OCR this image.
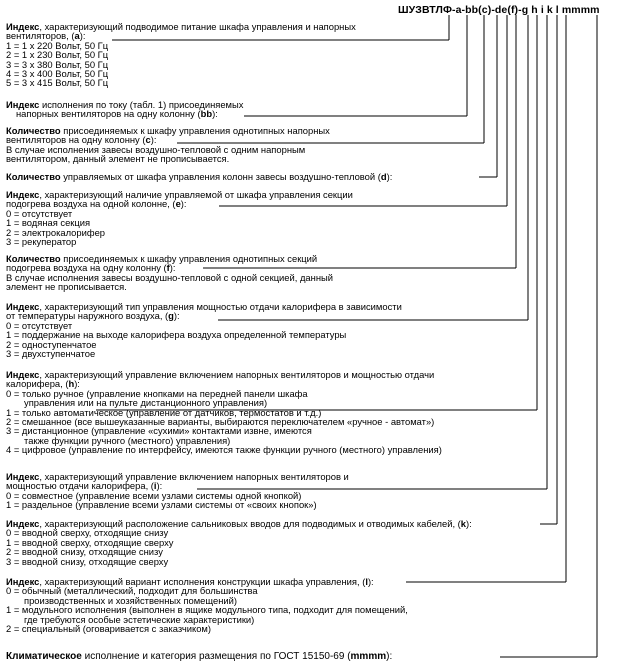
ШУЗВТЛФ-а-bb(c)-de(f)-g h i k l mmmm
Индекс, характеризующий подводимое питание шкафа управления и напорных
вентиляторов, (a):
1 = 1 х 220 Вольт, 50 Гц
2 = 1 х 230 Вольт, 50 Гц
3 = 3 х 380 Вольт, 50 Гц
4 = 3 х 400 Вольт, 50 Гц
5 = 3 х 415 Вольт, 50 Гц
Индекс исполнения по току (табл. 1) присоединяемых
напорных вентиляторов на одну колонну (bb):
Количество присоединяемых к шкафу управления однотипных напорных
вентиляторов на одну колонну (c):
В случае исполнения завесы воздушно-тепловой с одним напорным
вентилятором, данный элемент не прописывается.
Количество управляемых от шкафа управления колонн завесы воздушно-тепловой (d):
Индекс, характеризующий наличие управляемой от шкафа управления секции
подогрева воздуха на одной колонне, (e):
0 = отсутствует
1 = водяная секция
2 = электрокалорифер
3 = рекуператор
Количество присоединяемых к шкафу управления однотипных секций
подогрева воздуха на одну колонну (f):
В случае исполнения завесы воздушно-тепловой с одной секцией, данный
элемент не прописывается.
Индекс, характеризующий тип управления мощностью отдачи калорифера в зависимости
от температуры наружного воздуха, (g):
0 = отсутствует
1 = поддержание на выходе калорифера воздуха определенной температуры
2 = одноступенчатое
3 = двухступенчатое
Индекс, характеризующий управление включением напорных вентиляторов и мощностью отдачи
калорифера, (h):
0 = только ручное (управление кнопками на передней панели шкафа
управления или на пульте дистанционного управления)
1 = только автоматическое (управление от датчиков, термостатов и т.д.)
2 = смешанное (все вышеуказанные варианты, выбираются переключателем «ручное - автомат»)
3 = дистанционное (управление «сухими» контактами извне, имеются
также функции ручного (местного) управления)
4 = цифровое (управление по интерфейсу, имеются также функции ручного (местного) управления)
Индекс, характеризующий управление включением напорных вентиляторов и
мощностью отдачи калорифера, (i):
0 = совместное (управление всеми узлами системы одной кнопкой)
1 = раздельное (управление всеми узлами системы от «своих кнопок»)
Индекс, характеризующий расположение сальниковых вводов для подводимых и отводимых кабелей, (k):
0 = вводной сверху, отходящие снизу
1 = вводной сверху, отходящие сверху
2 = вводной снизу, отходящие снизу
3 = вводной снизу, отходящие сверху
Индекс, характеризующий вариант исполнения конструкции шкафа управления, (l):
0 = обычный (металлический, подходит для большинства
производственных и хозяйственных помещений)
1 = модульного исполнения (выполнен в ящике модульного типа, подходит для помещений,
где требуются особые эстетические характеристики)
2 = специальный (оговаривается с заказчиком)
Климатическое исполнение и категория размещения по ГОСТ 15150-69 (mmmm):
